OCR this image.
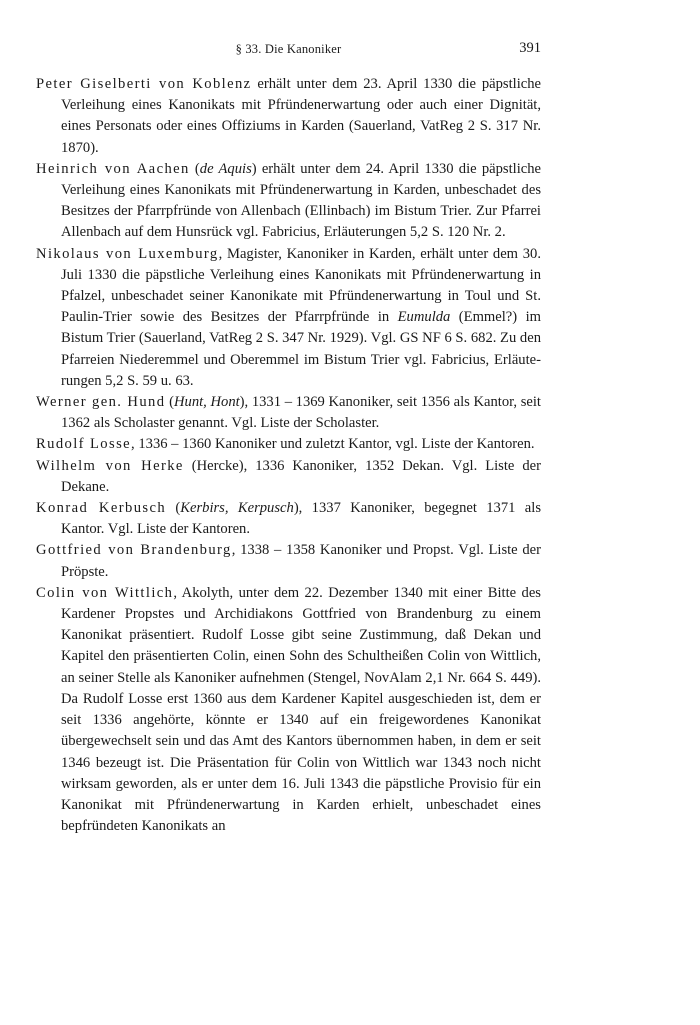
§ 33. Die Kanoniker	391

Peter Giselberti von Koblenz erhält unter dem 23. April 1330 die päpstliche Verleihung eines Kanonikats mit Pfründenerwartung oder auch einer Dignität, eines Personats oder eines Offiziums in Karden (Sauerland, VatReg 2 S. 317 Nr. 1870).

Heinrich von Aachen (de Aquis) erhält unter dem 24. April 1330 die päpstliche Verleihung eines Kanonikats mit Pfründenerwartung in Karden, unbeschadet des Besitzes der Pfarrpfründe von Allenbach (Ellinbach) im Bistum Trier. Zur Pfarrei Allenbach auf dem Hunsrück vgl. Fabricius, Erläuterungen 5,2 S. 120 Nr. 2.

Nikolaus von Luxemburg, Magister, Kanoniker in Karden, erhält unter dem 30. Juli 1330 die päpstliche Verleihung eines Kanonikats mit Pfründenerwartung in Pfalzel, unbeschadet seiner Kanonikate mit Pfründenerwartung in Toul und St. Paulin-Trier sowie des Besitzes der Pfarrpfründe in Eumulda (Emmel?) im Bistum Trier (Sauerland, VatReg 2 S. 347 Nr. 1929). Vgl. GS NF 6 S. 682. Zu den Pfarreien Niederemmel und Oberemmel im Bistum Trier vgl. Fabricius, Erläuterungen 5,2 S. 59 u. 63.

Werner gen. Hund (Hunt, Hont), 1331 – 1369 Kanoniker, seit 1356 als Kantor, seit 1362 als Scholaster genannt. Vgl. Liste der Scholaster.

Rudolf Losse, 1336 – 1360 Kanoniker und zuletzt Kantor, vgl. Liste der Kantoren.

Wilhelm von Herke (Hercke), 1336 Kanoniker, 1352 Dekan. Vgl. Liste der Dekane.

Konrad Kerbusch (Kerbirs, Kerpusch), 1337 Kanoniker, begegnet 1371 als Kantor. Vgl. Liste der Kantoren.

Gottfried von Brandenburg, 1338 – 1358 Kanoniker und Propst. Vgl. Liste der Pröpste.

Colin von Wittlich, Akolyth, unter dem 22. Dezember 1340 mit einer Bitte des Kardener Propstes und Archidiakons Gottfried von Brandenburg zu einem Kanonikat präsentiert. Rudolf Losse gibt seine Zustimmung, daß Dekan und Kapitel den präsentierten Colin, einen Sohn des Schultheißen Colin von Wittlich, an seiner Stelle als Kanoniker aufnehmen (Stengel, NovAlam 2,1 Nr. 664 S. 449). Da Rudolf Losse erst 1360 aus dem Kardener Kapitel ausgeschieden ist, dem er seit 1336 angehörte, könnte er 1340 auf ein freigewordenes Kanonikat übergewechselt sein und das Amt des Kantors übernommen haben, in dem er seit 1346 bezeugt ist. Die Präsentation für Colin von Wittlich war 1343 noch nicht wirksam geworden, als er unter dem 16. Juli 1343 die päpstliche Provisio für ein Kanonikat mit Pfründenerwartung in Karden erhielt, unbeschadet eines bepfründeten Kanonikats an
